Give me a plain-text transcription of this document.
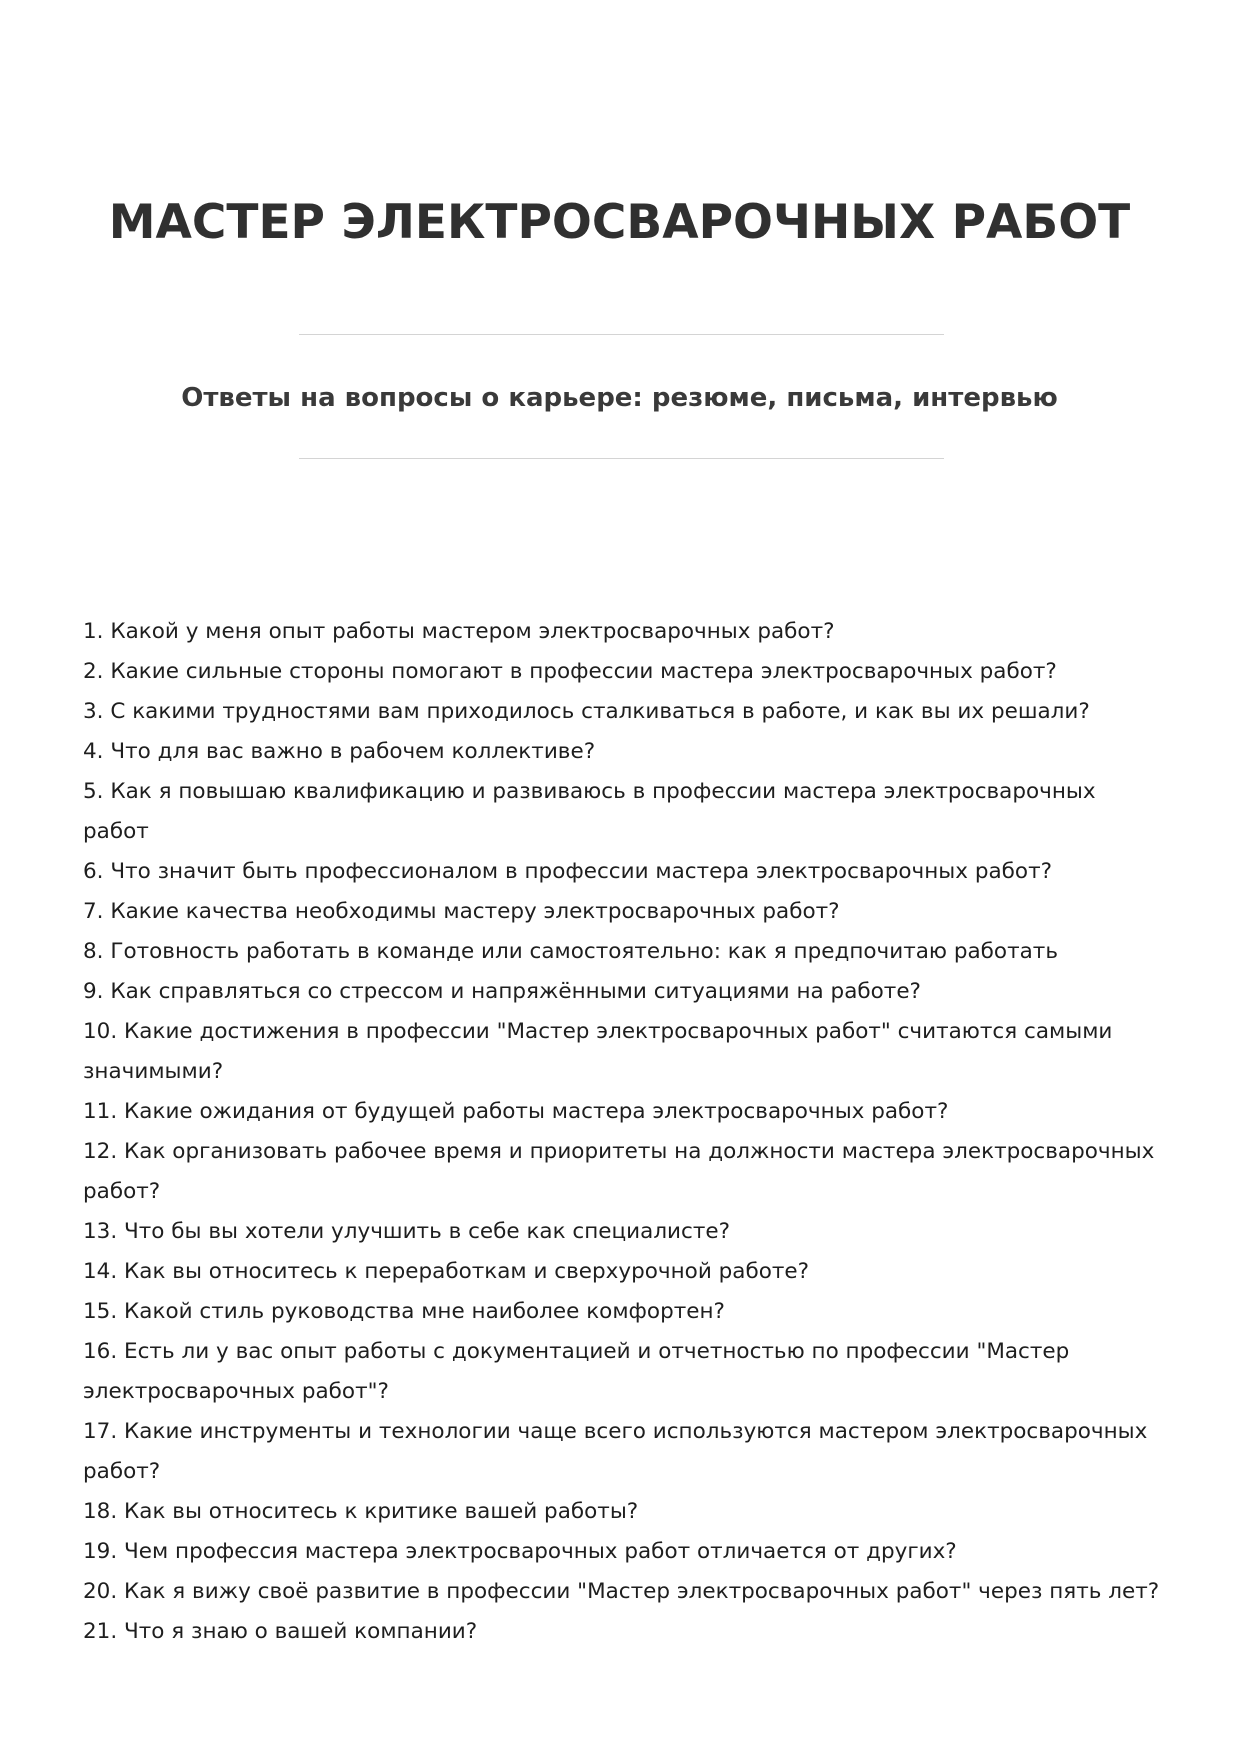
МАСТЕР ЭЛЕКТРОСВАРОЧНЫХ РАБОТ
Ответы на вопросы о карьере: резюме, письма, интервью
1. Какой у меня опыт работы мастером электросварочных работ?
2. Какие сильные стороны помогают в профессии мастера электросварочных работ?
3. С какими трудностями вам приходилось сталкиваться в работе, и как вы их решали?
4. Что для вас важно в рабочем коллективе?
5. Как я повышаю квалификацию и развиваюсь в профессии мастера электросварочных работ
6. Что значит быть профессионалом в профессии мастера электросварочных работ?
7. Какие качества необходимы мастеру электросварочных работ?
8. Готовность работать в команде или самостоятельно: как я предпочитаю работать
9. Как справляться со стрессом и напряжёнными ситуациями на работе?
10. Какие достижения в профессии "Мастер электросварочных работ" считаются самыми значимыми?
11. Какие ожидания от будущей работы мастера электросварочных работ?
12. Как организовать рабочее время и приоритеты на должности мастера электросварочных работ?
13. Что бы вы хотели улучшить в себе как специалисте?
14. Как вы относитесь к переработкам и сверхурочной работе?
15. Какой стиль руководства мне наиболее комфортен?
16. Есть ли у вас опыт работы с документацией и отчетностью по профессии "Мастер электросварочных работ"?
17. Какие инструменты и технологии чаще всего используются мастером электросварочных работ?
18. Как вы относитесь к критике вашей работы?
19. Чем профессия мастера электросварочных работ отличается от других?
20. Как я вижу своё развитие в профессии "Мастер электросварочных работ" через пять лет?
21. Что я знаю о вашей компании?
